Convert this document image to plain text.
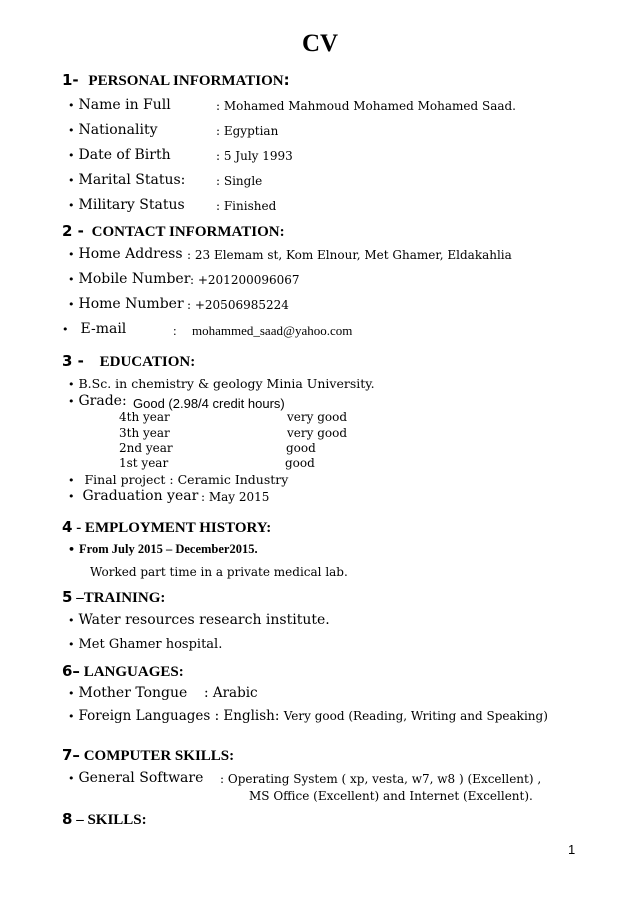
CV
1- PERSONAL INFORMATION:
• Name in Full	: Mohamed Mahmoud Mohamed Mohamed Saad.
• Nationality	: Egyptian
• Date of Birth	: 5 July 1993
• Marital Status:	: Single
• Military Status	: Finished
2 - CONTACT INFORMATION:
• Home Address : 23 Elemam st, Kom Elnour, Met Ghamer, Eldakahlia
• Mobile Number : +201200096067
• Home Number : +20506985224
• E-mail	: mohammed_saad@yahoo.com
3 - EDUCATION:
• B.Sc. in chemistry & geology Minia University.
• Grade: Good (2.98/4 credit hours)
4th year	very good
3th year	very good
2nd year	good
1st year	good
• Final project : Ceramic Industry
• Graduation year : May 2015
4 - EMPLOYMENT HISTORY:
• From July 2015 – December2015.
Worked part time in a private medical lab.
5 –TRAINING:
• Water resources research institute.
• Met Ghamer hospital.
6– LANGUAGES:
• Mother Tongue : Arabic
• Foreign Languages : English: Very good (Reading, Writing and Speaking)
7– COMPUTER SKILLS:
• General Software : Operating System ( xp, vesta, w7, w8 ) (Excellent) ,
MS Office (Excellent) and Internet (Excellent).
8 – SKILLS:
1
